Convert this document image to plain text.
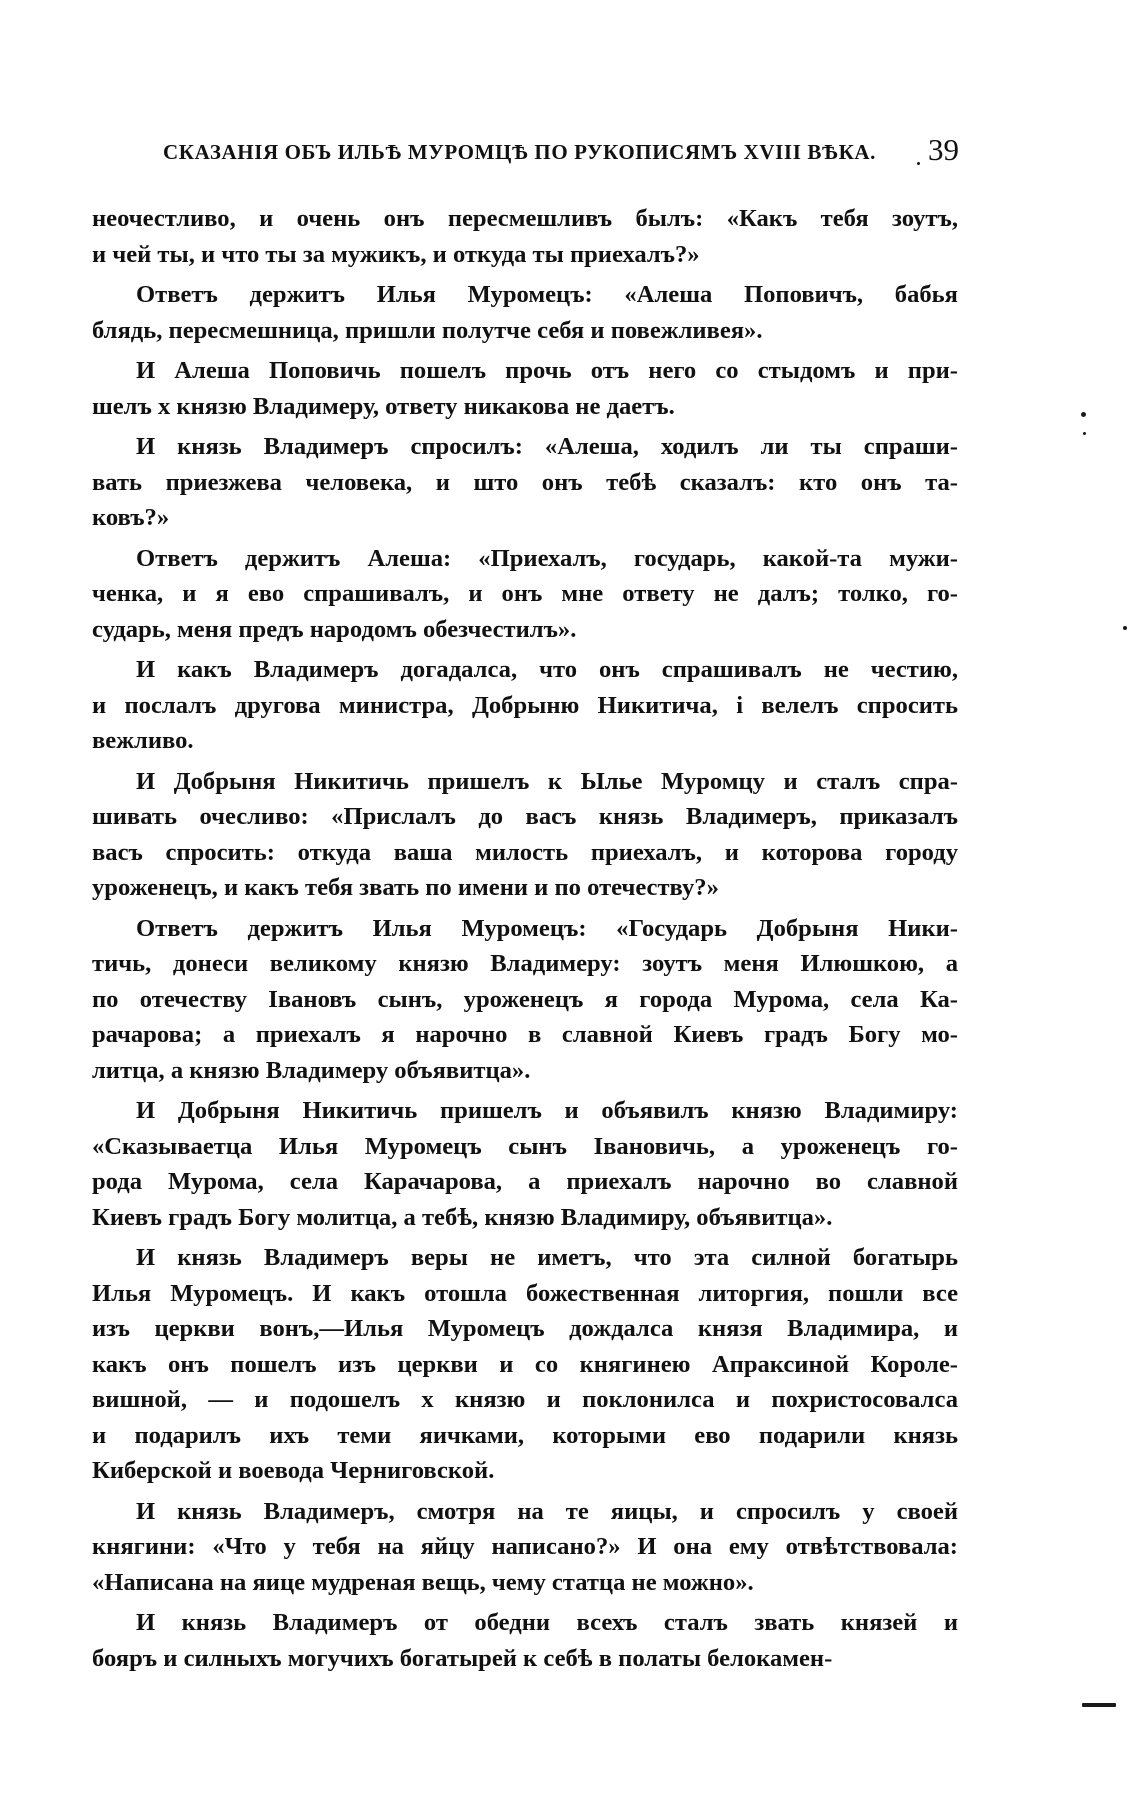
СКАЗАНІЯ ОБЪ ИЛЬѢ МУРОМЦѢ ПО РУКОПИСЯМЪ XVIII ВѢКА. 39
неочестливо, и очень онъ пересмешливъ былъ: «Какъ тебя зоутъ,
и чей ты, и что ты за мужикъ, и откуда ты приехалъ?»
Ответъ держитъ Илья Муромецъ: «Алеша Поповичъ, бабья
блядь, пересмешница, пришли полутче себя и повежливея».
И Алеша Поповичь пошелъ прочь отъ него со стыдомъ и при-
шелъ х князю Владимеру, ответу никакова не даетъ.
И князь Владимеръ спросилъ: «Алеша, ходилъ ли ты спраши-
вать приезжева человека, и што онъ тебѣ сказалъ: кто онъ та-
ковъ?»
Ответъ держитъ Алеша: «Приехалъ, государь, какой-та мужи-
ченка, и я ево спрашивалъ, и онъ мне ответу не далъ; толко, го-
сударь, меня предъ народомъ обезчестилъ».
И какъ Владимеръ догадалса, что онъ спрашивалъ не честию,
и послалъ другова министра, Добрыню Никитича, і велелъ спросить
вежливо.
И Добрыня Никитичь пришелъ к Ылье Муромцу и сталъ спра-
шивать очесливо: «Прислалъ до васъ князь Владимеръ, приказалъ
васъ спросить: откуда ваша милость приехалъ, и которова городу
уроженецъ, и какъ тебя звать по имени и по отечеству?»
Ответъ держитъ Илья Муромецъ: «Государь Добрыня Ники-
тичь, донеси великому князю Владимеру: зоутъ меня Илюшкою, а
по отечеству Івановъ сынъ, уроженецъ я города Мурома, села Ка-
рачарова; а приехалъ я нарочно в славной Киевъ градъ Богу мо-
литца, а князю Владимеру объявитца».
И Добрыня Никитичь пришелъ и объявилъ князю Владимиру:
«Сказываетца Илья Муромецъ сынъ Івановичь, а уроженецъ го-
рода Мурома, села Карачарова, а приехалъ нарочно во славной
Киевъ градъ Богу молитца, а тебѣ, князю Владимиру, объявитца».
И князь Владимеръ веры не иметъ, что эта силной богатырь
Илья Муромецъ. И какъ отошла божественная литоргия, пошли все
изъ церкви вонъ,—Илья Муромецъ дождалса князя Владимира, и
какъ онъ пошелъ изъ церкви и со княгинею Апраксиной Короле-
вишной, — и подошелъ х князю и поклонилса и похристосовалса
и подарилъ ихъ теми яичками, которыми ево подарили князь
Киберской и воевода Черниговской.
И князь Владимеръ, смотря на те яицы, и спросилъ у своей
княгини: «Что у тебя на яйцу написано?» И она ему отвѣтствовала:
«Написана на яице мудреная вещь, чему статца не можно».
И князь Владимеръ от обедни всехъ сталъ звать князей и
бояръ и силныхъ могучихъ богатырей к себѣ в полаты белокамен-
